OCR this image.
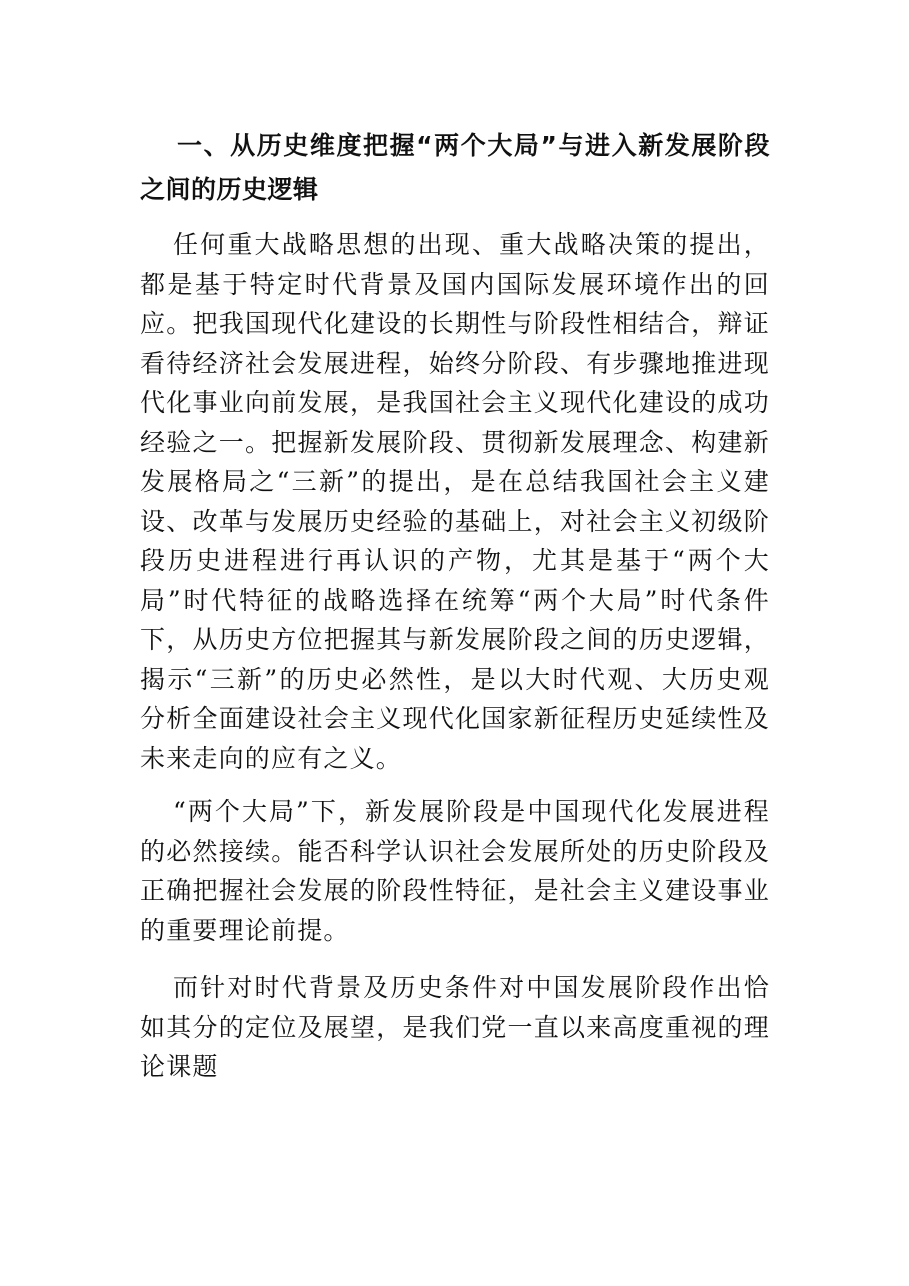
一、从历史维度把握“两个大局”与进入新发展阶段之间的历史逻辑

任何重大战略思想的出现、重大战略决策的提出，都是基于特定时代背景及国内国际发展环境作出的回应。把我国现代化建设的长期性与阶段性相结合，辩证看待经济社会发展进程，始终分阶段、有步骤地推进现代化事业向前发展，是我国社会主义现代化建设的成功经验之一。把握新发展阶段、贯彻新发展理念、构建新发展格局之“三新”的提出，是在总结我国社会主义建设、改革与发展历史经验的基础上，对社会主义初级阶段历史进程进行再认识的产物，尤其是基于“两个大局”时代特征的战略选择在统筹“两个大局”时代条件下，从历史方位把握其与新发展阶段之间的历史逻辑，揭示“三新”的历史必然性，是以大时代观、大历史观分析全面建设社会主义现代化国家新征程历史延续性及未来走向的应有之义。

“两个大局”下，新发展阶段是中国现代化发展进程的必然接续。能否科学认识社会发展所处的历史阶段及正确把握社会发展的阶段性特征，是社会主义建设事业的重要理论前提。

而针对时代背景及历史条件对中国发展阶段作出恰如其分的定位及展望，是我们党一直以来高度重视的理论课题
